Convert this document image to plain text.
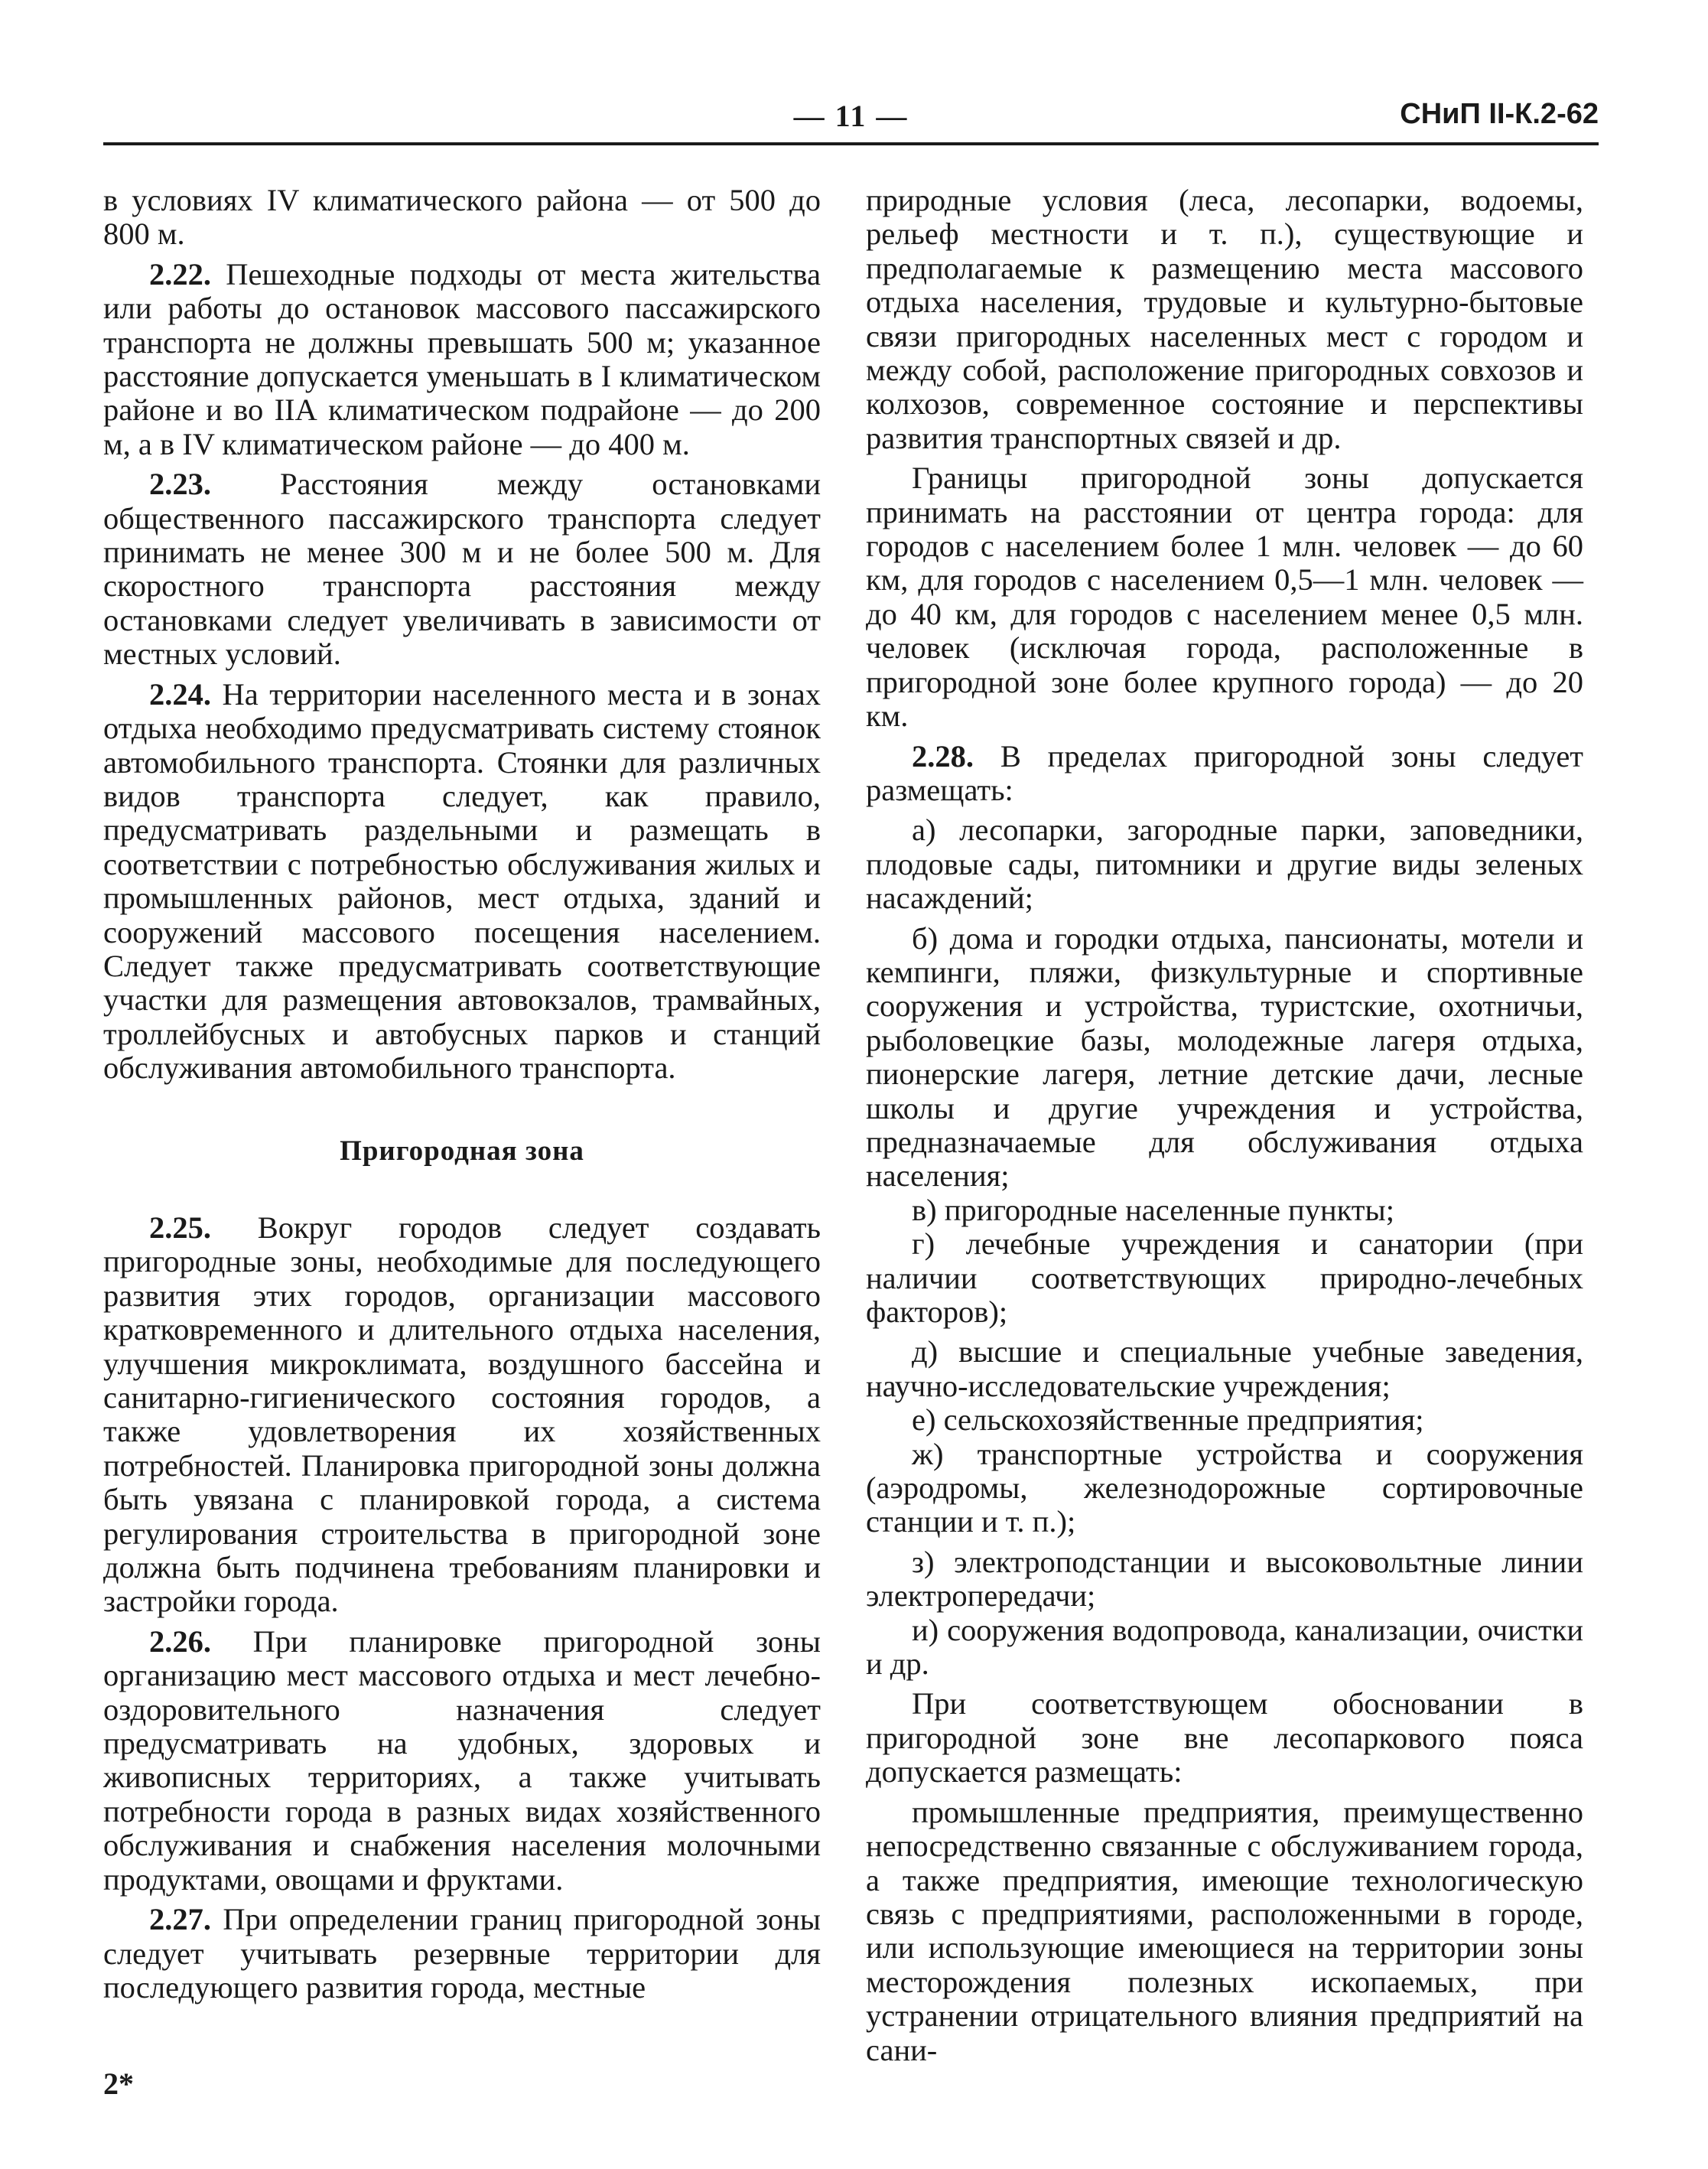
— 11 —	СНиП II-К.2-62

в условиях IV климатического района — от 500 до 800 м.

2.22. Пешеходные подходы от места жительства или работы до остановок массового пассажирского транспорта не должны превышать 500 м; указанное расстояние допускается уменьшать в I климатическом районе и во IIА климатическом подрайоне — до 200 м, а в IV климатическом районе — до 400 м.

2.23. Расстояния между остановками общественного пассажирского транспорта следует принимать не менее 300 м и не более 500 м. Для скоростного транспорта расстояния между остановками следует увеличивать в зависимости от местных условий.

2.24. На территории населенного места и в зонах отдыха необходимо предусматривать систему стоянок автомобильного транспорта. Стоянки для различных видов транспорта следует, как правило, предусматривать раздельными и размещать в соответствии с потребностью обслуживания жилых и промышленных районов, мест отдыха, зданий и сооружений массового посещения населением. Следует также предусматривать соответствующие участки для размещения автовокзалов, трамвайных, троллейбусных и автобусных парков и станций обслуживания автомобильного транспорта.

Пригородная зона

2.25. Вокруг городов следует создавать пригородные зоны, необходимые для последующего развития этих городов, организации массового кратковременного и длительного отдыха населения, улучшения микроклимата, воздушного бассейна и санитарно-гигиенического состояния городов, а также удовлетворения их хозяйственных потребностей. Планировка пригородной зоны должна быть увязана с планировкой города, а система регулирования строительства в пригородной зоне должна быть подчинена требованиям планировки и застройки города.

2.26. При планировке пригородной зоны организацию мест массового отдыха и мест лечебно-оздоровительного назначения следует предусматривать на удобных, здоровых и живописных территориях, а также учитывать потребности города в разных видах хозяйственного обслуживания и снабжения населения молочными продуктами, овощами и фруктами.

2.27. При определении границ пригородной зоны следует учитывать резервные территории для последующего развития города, местные

природные условия (леса, лесопарки, водоемы, рельеф местности и т. п.), существующие и предполагаемые к размещению места массового отдыха населения, трудовые и культурно-бытовые связи пригородных населенных мест с городом и между собой, расположение пригородных совхозов и колхозов, современное состояние и перспективы развития транспортных связей и др.

Границы пригородной зоны допускается принимать на расстоянии от центра города: для городов с населением более 1 млн. человек — до 60 км, для городов с населением 0,5—1 млн. человек — до 40 км, для городов с населением менее 0,5 млн. человек (исключая города, расположенные в пригородной зоне более крупного города) — до 20 км.

2.28. В пределах пригородной зоны следует размещать:

а) лесопарки, загородные парки, заповедники, плодовые сады, питомники и другие виды зеленых насаждений;

б) дома и городки отдыха, пансионаты, мотели и кемпинги, пляжи, физкультурные и спортивные сооружения и устройства, туристские, охотничьи, рыболовецкие базы, молодежные лагеря отдыха, пионерские лагеря, летние детские дачи, лесные школы и другие учреждения и устройства, предназначаемые для обслуживания отдыха населения;

в) пригородные населенные пункты;

г) лечебные учреждения и санатории (при наличии соответствующих природно-лечебных факторов);

д) высшие и специальные учебные заведения, научно-исследовательские учреждения;

е) сельскохозяйственные предприятия;

ж) транспортные устройства и сооружения (аэродромы, железнодорожные сортировочные станции и т. п.);

з) электроподстанции и высоковольтные линии электропередачи;

и) сооружения водопровода, канализации, очистки и др.

При соответствующем обосновании в пригородной зоне вне лесопаркового пояса допускается размещать:

промышленные предприятия, преимущественно непосредственно связанные с обслуживанием города, а также предприятия, имеющие технологическую связь с предприятиями, расположенными в городе, или использующие имеющиеся на территории зоны месторождения полезных ископаемых, при устранении отрицательного влияния предприятий на сани-

2*
